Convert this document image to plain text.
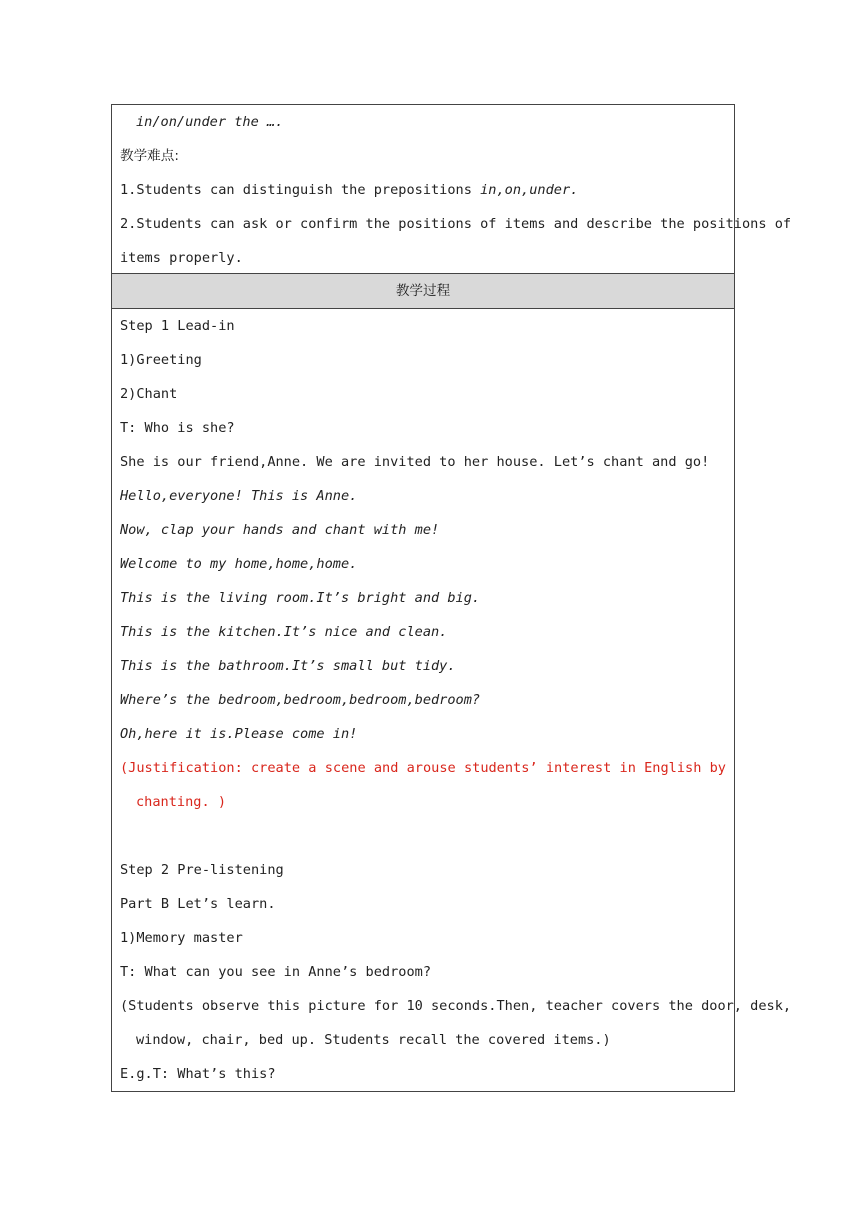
in/on/under the ….
教学难点:
1.Students can distinguish the prepositions in,on,under.
2.Students can ask or confirm the positions of items and describe the positions of
items properly.
教学过程
Step 1 Lead-in
1)Greeting
2)Chant
T: Who is she?
She is our friend,Anne. We are invited to her house. Let’s chant and go!
Hello,everyone! This is Anne.
Now, clap your hands and chant with me!
Welcome to my home,home,home.
This is the living room.It’s bright and big.
This is the kitchen.It’s nice and clean.
This is the bathroom.It’s small but tidy.
Where’s the bedroom,bedroom,bedroom,bedroom?
Oh,here it is.Please come in!
(Justification: create a scene and arouse students’ interest in English by
chanting. )
Step 2 Pre-listening
Part B Let’s learn.
1)Memory master
T: What can you see in Anne’s bedroom?
(Students observe this picture for 10 seconds.Then, teacher covers the door, desk,
window, chair, bed up. Students recall the covered items.)
E.g.T: What’s this?
